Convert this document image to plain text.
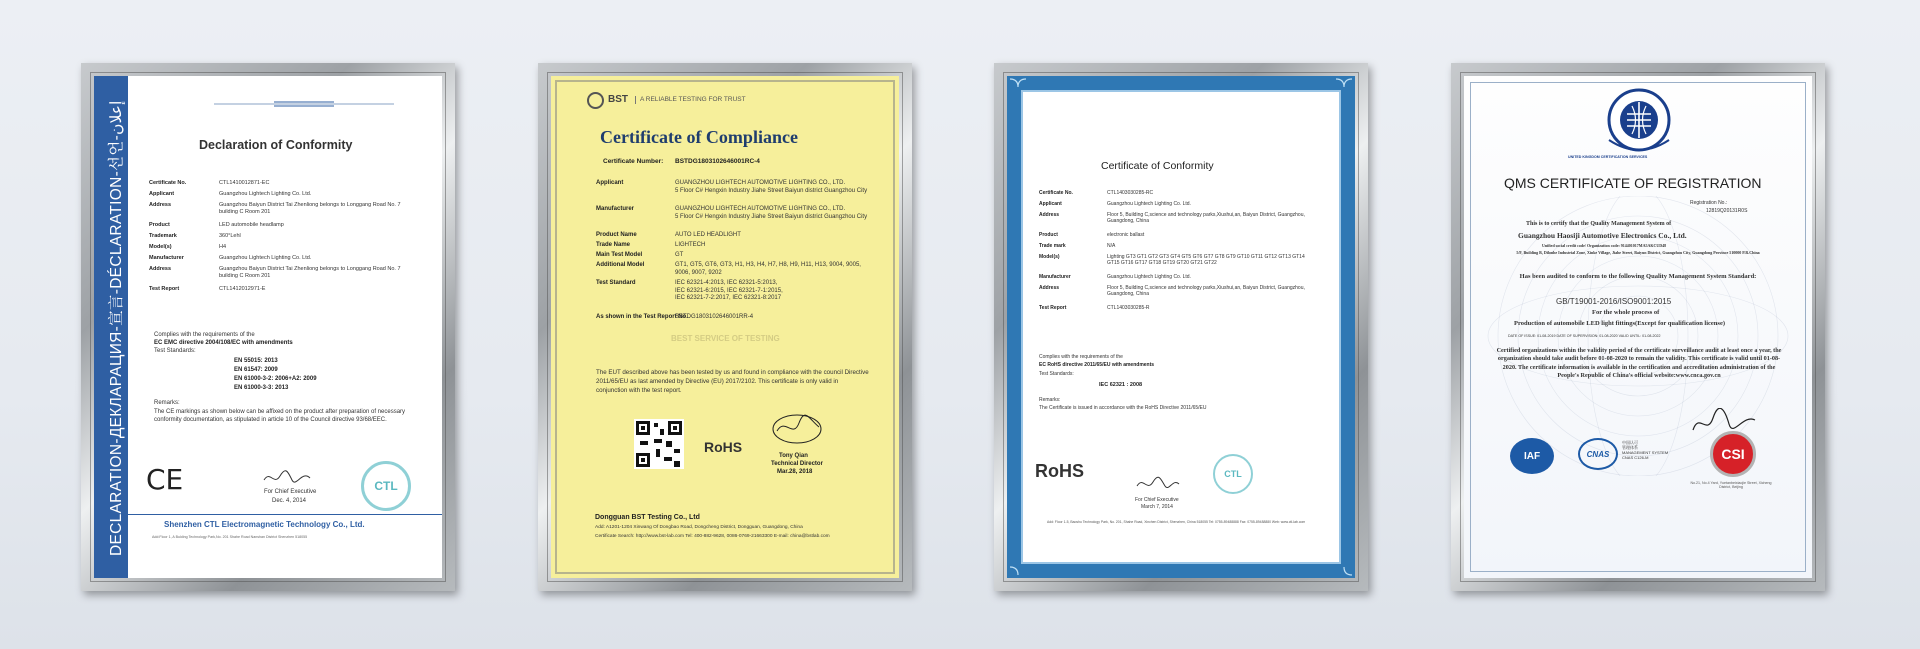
DECLARATION-ДЕКЛАРАЦИЯ-宣言-DÉCLARATION-선언-إعلان
Declaration of Conformity
Certificate No.	CTL1410012871-EC
Applicant	Guangzhou Lightech Lighting Co. Ltd.
Address	Guangzhou Baiyun District Tai Zhenliong belongs to Longgang Road No. 7 building C Room 201
Product	LED automobile headlamp
Trademark	360°Lehl
Model(s)	H4
Manufacturer	Guangzhou Lightech Lighting Co. Ltd.
Address	Guangzhou Baiyun District Tai Zhenliong belongs to Longgang Road No. 7 building C Room 201
Test Report	CTL1412012971-E
Complies with the requirements of the
EC EMC directive 2004/108/EC with amendments
Test Standards:
EN 55015: 2013
EN 61547: 2009
EN 61000-3-2: 2006+A2: 2009
EN 61000-3-3: 2013
Remarks:
The CE markings as shown below can be affixed on the product after preparation of necessary conformity documentation, as stipulated in article 10 of the Council directive 93/68/EEC.
CE	For Chief Executive
Dec. 4, 2014
CTL
Shenzhen CTL Electromagnetic Technology Co., Ltd.
Add:Floor 1, A Bulding Technology Park,No. 201 Shahe Road Nanshan District Shenzhen 518055
BST	A RELIABLE TESTING FOR TRUST
Certificate of Compliance
Certificate Number: BSTDG1803102646001RC-4
Applicant	GUANGZHOU LIGHTECH AUTOMOTIVE LIGHTING CO., LTD.
5 Floor C# Hengxin Industry Jiahe Street Baiyun district Guangzhou City
Manufacturer	GUANGZHOU LIGHTECH AUTOMOTIVE LIGHTING CO., LTD.
5 Floor C# Hengxin Industry Jiahe Street Baiyun district Guangzhou City
Product Name	AUTO LED HEADLIGHT
Trade Name	LIGHTECH
Main Test Model	GT
Additional Model	GT1, GT5, GT6, GT3, H1, H3, H4, H7, H8, H9, H11, H13, 9004, 9005, 9006, 9007, 9202
Test Standard	IEC 62321-4:2013, IEC 62321-5:2013,
IEC 62321-6:2015, IEC 62321-7-1:2015,
IEC 62321-7-2:2017, IEC 62321-8:2017
As shown in the Test Report No.
BSTDG1803102646001RR-4
The EUT described above has been tested by us and found in compliance with the council Directive 2011/65/EU as last amended by Directive (EU) 2017/2102. This certificate is only valid in conjunction with the test report.
BEST SERVICE OF TESTING
RoHS
Tony Qian
Technical Director
Mar.28, 2018
Dongguan BST Testing Co., Ltd
Add: A1201-1204 Xinwang Of Dongbao Road, Dongcheng District, Dongguan, Guangdong, China
Certificate Search: http://www.bst-lab.com Tel: 400-882-9628, 0086-0769-21663300 E-mail: china@bstlab.com
Certificate of Conformity
Certificate No.	CTL1403030285-RC
Applicant	Guangzhou Lightech Lighting Co. Ltd.
Address	Floor 5, Building C,science and technology parks,Xiushui,an, Baiyun District, Guangzhou, Guangdong, China
Product	electronic ballast
Trade mark	N/A
Model(s)	Lighting GT3 GT1 GT2 GT3 GT4 GT5 GT6 GT7 GT8 GT9 GT10 GT11 GT12 GT13 GT14 GT15 GT16 GT17 GT18 GT19 GT20 GT21 GT22
Manufacturer	Guangzhou Lightech Lighting Co. Ltd.
Address	Floor 5, Building C,science and technology parks,Xiushui,an, Baiyun District, Guangzhou, Guangdong, China
Test Report	CTL1403030285-R
Complies with the requirements of the
EC RoHS directive 2011/65/EU with amendments
Test Standards:
IEC 62321 : 2008
Remarks:
The Certificate is issued in accordance with the RoHS Directive 2011/65/EU
RoHS
For Chief Executive
March 7, 2014
CTL
Add: Floor 1-5, Baoshu Technology Park, No. 201, Shahe Road, Xinchen District, Shenzhen, China 518055 Tel: 0755-89488888 Fax: 0755-89488880 Web: www.ctl-lab.com
UNITED KINGDOM CERTIFICATION SERVICES
QMS CERTIFICATE OF REGISTRATION
Registration No.:
12819Q20131R0S
This is to certify that the Quality Management System of
Guangzhou Haosiji Automotive Electronics Co., Ltd.
Unified social credit code/ Organization code: 914401017MA5AKCUD48
5/F, Building B, Dilonhe Industrial Zone, Xinke Village, Jiahe Street, Baiyun District, Guangzhou City, Guangdong Province 510000 P.R.China
Has been audited to conform to the following Quality Management System Standard:
GB/T19001-2016/ISO9001:2015
For the whole process of
Production of automobile LED light fittings(Except for qualification license)
DATE OF ISSUE: 01-08-2019 DATE OF SUPERVISION: 01-08-2020 VALID UNTIL: 01-08-2022
Certified organizations within the validity period of the certificate surveillance audit at least once a year, the organization should take audit before 01-08-2020 to remain the validity. This certificate is valid until 01-08-2020. The certificate information is available in the certification and accreditation administration of the People's Republic of China's official website:www.cnca.gov.cn
IAF	CNAS
中国认可
管理体系
MANAGEMENT SYSTEM
CNAS C126-M	CSI
No.21, No.4 Yard, Yuetanbeixiaojie Street, Xicheng District, Beijing
